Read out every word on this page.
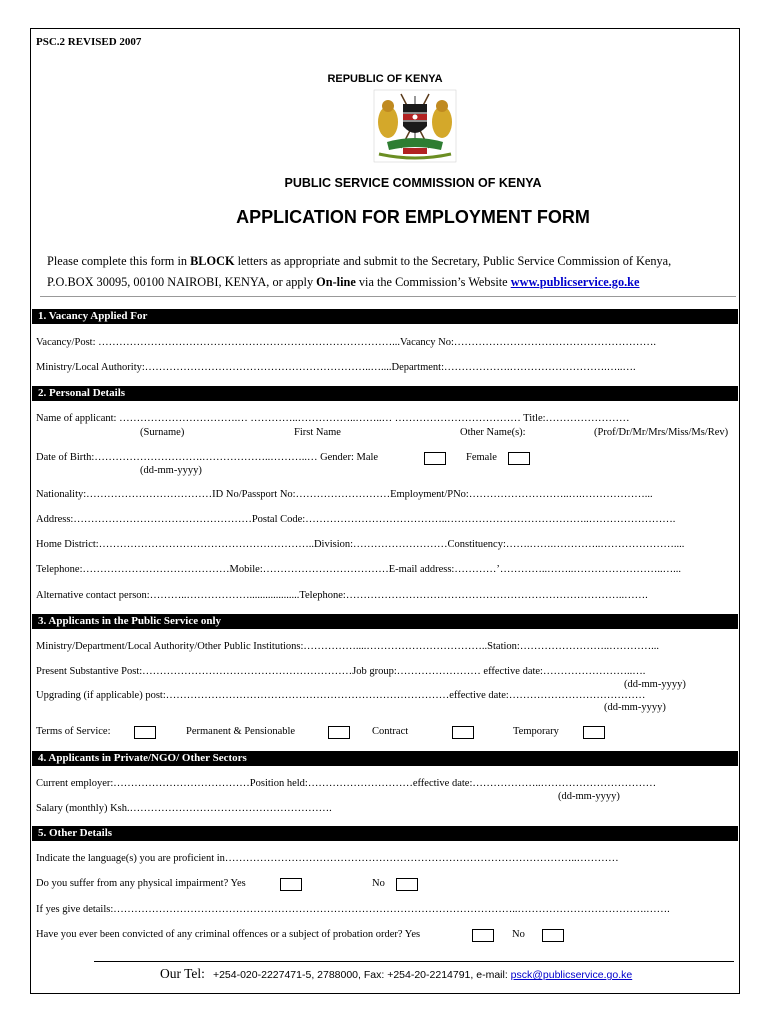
PSC.2 REVISED 2007
REPUBLIC OF KENYA
PUBLIC SERVICE COMMISSION OF KENYA
APPLICATION FOR EMPLOYMENT FORM
Please complete this form in BLOCK letters as appropriate and submit to the Secretary, Public Service Commission of Kenya,
P.O.BOX 30095, 00100 NAIROBI, KENYA, or apply On-line via the Commission’s Website www.publicservice.go.ke
1. Vacancy Applied For
Vacancy/Post: …………………………………………………………………………...Vacancy No:………………………………………………….
Ministry/Local Authority:………………………………………………………..…....Department:……………….……………………….…..….
2. Personal Details
Name of applicant: …………………………….… …………..……………..……..… ……………………………… Title:……………………
(Surname)	First Name	Other Name(s):	(Prof/Dr/Mr/Mrs/Miss/Ms/Rev)
Date of Birth:………………………….………………..………..… Gender: Male	Female
(dd-mm-yyyy)
Nationality:………………………………ID No/Passport No:………………………Employment/PNo:………………………..….………………...
Address:……………………………………………Postal Code:…………………………………..…………………………………..…………………….
Home District:……………………………………………………..Division:………………………Constituency:…….…….…………..…………………....
Telephone:……………………………………Mobile:………………………………E-mail address:…………’…………..……..……………………..…...
Alternative contact person:………..………………...................Telephone:……………………………………………………………………..…….
3. Applicants in the Public Service only
Ministry/Department/Local Authority/Other Public Institutions:……………....……………………………..Station:……………………..…………...
Present Substantive Post:……………………………………………………Job group:…………………… effective date:……………………..….
(dd-mm-yyyy)
Upgrading (if applicable) post:………………………………………………………………………effective date:…………………………………
(dd-mm-yyyy)
Terms of Service:	Permanent & Pensionable	Contract	Temporary
4. Applicants in Private/NGO/ Other Sectors
Current employer:…………………………………Position held:…………………………effective date:………………..……………………………
(dd-mm-yyyy)
Salary (monthly) Ksh.………………………………………………….
5. Other Details
Indicate the language(s) you are proficient in………………………………………………………………………………………..…………
Do you suffer from any physical impairment? Yes	No
If yes give details:……………………………………………………………………………………………………..……………………………….…….
Have you ever been convicted of any criminal offences or a subject of probation order? Yes	No
Our Tel: +254-020-2227471-5, 2788000, Fax: +254-20-2214791, e-mail: psck@publicservice.go.ke
